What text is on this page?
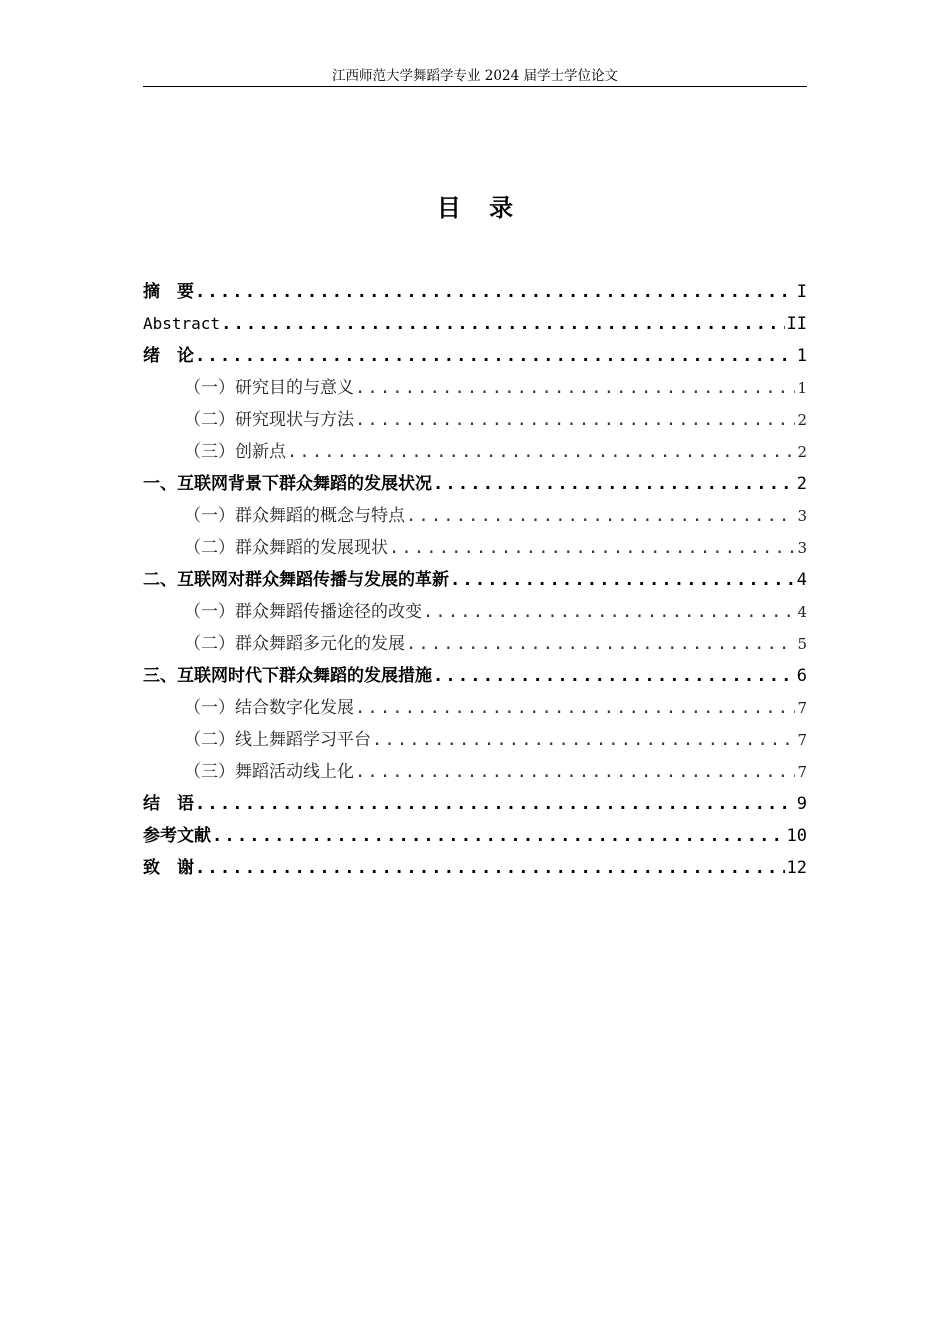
江西师范大学舞蹈学专业 2024 届学士学位论文
目 录
摘　要 .....	I
Abstract .....	II
绪　论 .....	1
（一）研究目的与意义 .....	1
（二）研究现状与方法 .....	2
（三）创新点 .....	2
一、互联网背景下群众舞蹈的发展状况 .....	2
（一）群众舞蹈的概念与特点 .....	3
（二）群众舞蹈的发展现状 .....	3
二、互联网对群众舞蹈传播与发展的革新 .....	4
（一）群众舞蹈传播途径的改变 .....	4
（二）群众舞蹈多元化的发展 .....	5
三、互联网时代下群众舞蹈的发展措施 .....	6
（一）结合数字化发展 .....	7
（二）线上舞蹈学习平台 .....	7
（三）舞蹈活动线上化 .....	7
结　语 .....	9
参考文献 .....	10
致　谢 .....	12
